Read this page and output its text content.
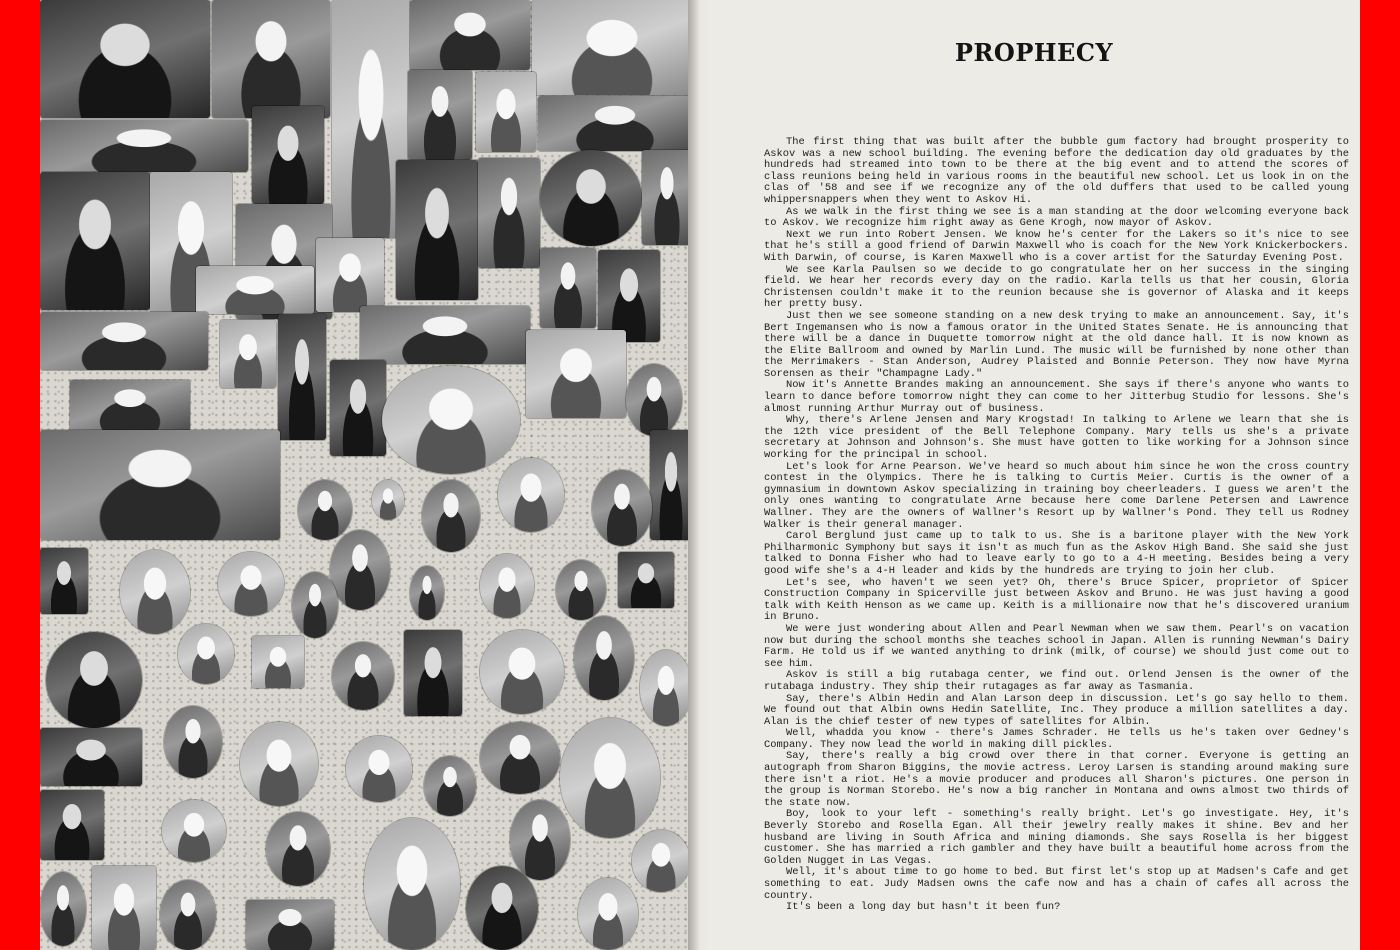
PROPHECY

The first thing that was built after the bubble gum factory had brought prosperity to Askov was a new school building. The evening before the dedication day old graduates by the hundreds had streamed into town to be there at the big event and to attend the scores of class reunions being held in various rooms in the beautiful new school. Let us look in on the clas of '58 and see if we recognize any of the old duffers that used to be called young whippersnappers when they went to Askov Hi.

As we walk in the first thing we see is a man standing at the door welcoming everyone back to Askov. We recognize him right away as Gene Krogh, now mayor of Askov.

Next we run into Robert Jensen. We know he's center for the Lakers so it's nice to see that he's still a good friend of Darwin Maxwell who is coach for the New York Knickerbockers. With Darwin, of course, is Karen Maxwell who is a cover artist for the Saturday Evening Post.

We see Karla Paulsen so we decide to go congratulate her on her success in the singing field. We hear her records every day on the radio. Karla tells us that her cousin, Gloria Christensen couldn't make it to the reunion because she is governor of Alaska and it keeps her pretty busy.

Just then we see someone standing on a new desk trying to make an announcement. Say, it's Bert Ingemansen who is now a famous orator in the United States Senate. He is announcing that there will be a dance in Duquette tomorrow night at the old dance hall. It is now known as the Elite Ballroom and owned by Marlin Lund. The music will be furnished by none other than the Merrimakers - Stan Anderson, Audrey Plaisted and Bonnie Peterson. They now have Myrna Sorensen as their "Champagne Lady."

Now it's Annette Brandes making an announcement. She says if there's anyone who wants to learn to dance before tomorrow night they can come to her Jitterbug Studio for lessons. She's almost running Arthur Murray out of business.

Why, there's Arlene Jensen and Mary Krogstad! In talking to Arlene we learn that she is the 12th vice president of the Bell Telephone Company. Mary tells us she's a private secretary at Johnson and Johnson's. She must have gotten to like working for a Johnson since working for the principal in school.

Let's look for Arne Pearson. We've heard so much about him since he won the cross country contest in the Olympics. There he is talking to Curtis Meier. Curtis is the owner of a gymnasium in downtown Askov specializing in training boy cheerleaders. I guess we aren't the only ones wanting to congratulate Arne because here come Darlene Petersen and Lawrence Wallner. They are the owners of Wallner's Resort up by Wallner's Pond. They tell us Rodney Walker is their general manager.

Carol Berglund just came up to talk to us. She is a baritone player with the New York Philharmonic Symphony but says it isn't as much fun as the Askov High Band. She said she just talked to Donna Fisher who had to leave early to go to a 4-H meeting. Besides being a very good wife she's a 4-H leader and kids by the hundreds are trying to join her club.

Let's see, who haven't we seen yet? Oh, there's Bruce Spicer, proprietor of Spicer Construction Company in Spicerville just between Askov and Bruno. He was just having a good talk with Keith Henson as we came up. Keith is a millionaire now that he's discovered uranium in Bruno.

We were just wondering about Allen and Pearl Newman when we saw them. Pearl's on vacation now but during the school months she teaches school in Japan. Allen is running Newman's Dairy Farm. He told us if we wanted anything to drink (milk, of course) we should just come out to see him.

Askov is still a big rutabaga center, we find out. Orlend Jensen is the owner of the rutabaga industry. They ship their rutagages as far away as Tasmania.

Say, there's Albin Hedin and Alan Larson deep in discussion. Let's go say hello to them. We found out that Albin owns Hedin Satellite, Inc. They produce a million satellites a day. Alan is the chief tester of new types of satellites for Albin.

Well, whadda you know - there's James Schrader. He tells us he's taken over Gedney's Company. They now lead the world in making dill pickles.

Say, there's really a big crowd over there in that corner. Everyone is getting an autograph from Sharon Biggins, the movie actress. Leroy Larsen is standing around making sure there isn't a riot. He's a movie producer and produces all Sharon's pictures. One person in the group is Norman Storebo. He's now a big rancher in Montana and owns almost two thirds of the state now.

Boy, look to your left - something's really bright. Let's go investigate. Hey, it's Beverly Storebo and Rosella Egan. All their jewelry really makes it shine. Bev and her husband are living in South Africa and mining diamonds. She says Rosella is her biggest customer. She has married a rich gambler and they have built a beautiful home across from the Golden Nugget in Las Vegas.

Well, it's about time to go home to bed. But first let's stop up at Madsen's Cafe and get something to eat. Judy Madsen owns the cafe now and has a chain of cafes all across the country.

It's been a long day but hasn't it been fun?
